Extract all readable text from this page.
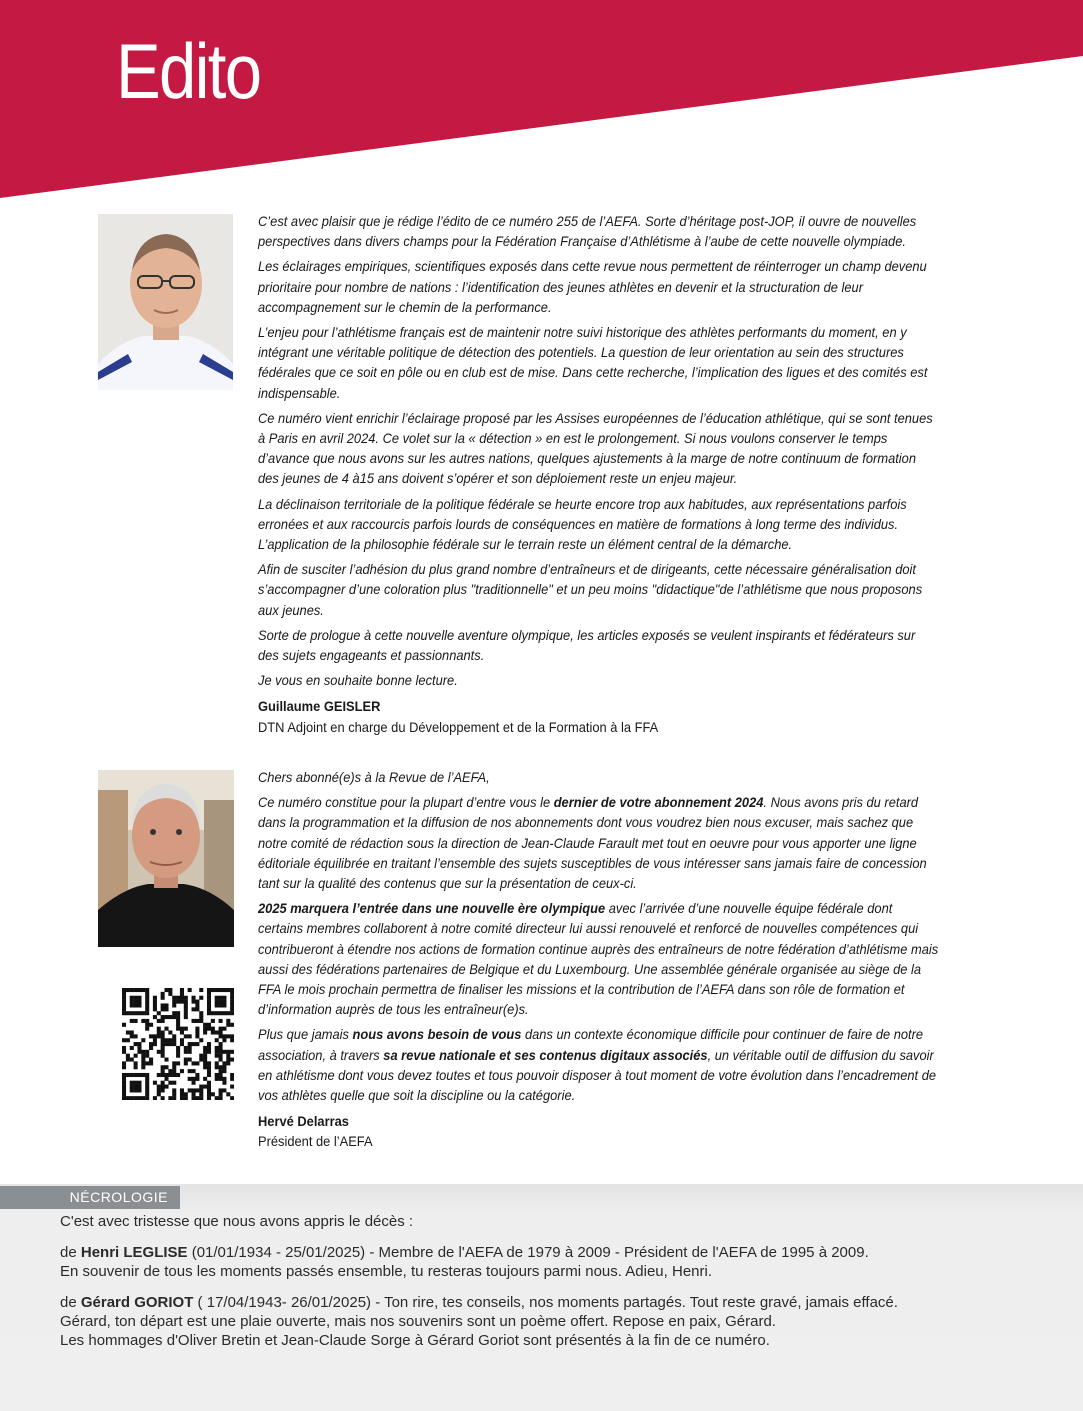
Edito

C’est avec plaisir que je rédige l’édito de ce numéro 255 de l’AEFA. Sorte d’héritage post-JOP, il ouvre de nouvelles perspectives dans divers champs pour la Fédération Française d’Athlétisme à l’aube de cette nouvelle olympiade.

Les éclairages empiriques, scientifiques exposés dans cette revue nous permettent de réinterroger un champ devenu prioritaire pour nombre de nations : l’identification des jeunes athlètes en devenir et la structuration de leur accompagnement sur le chemin de la performance.

L’enjeu pour l’athlétisme français est de maintenir notre suivi historique des athlètes performants du moment, en y intégrant une véritable politique de détection des potentiels. La question de leur orientation au sein des structures fédérales que ce soit en pôle ou en club est de mise. Dans cette recherche, l’implication des ligues et des comités est indispensable.

Ce numéro vient enrichir l’éclairage proposé par les Assises européennes de l’éducation athlétique, qui se sont tenues à Paris en avril 2024. Ce volet sur la « détection » en est le prolongement. Si nous voulons conserver le temps d’avance que nous avons sur les autres nations, quelques ajustements à la marge de notre continuum de formation des jeunes de 4 à15 ans doivent s’opérer et son déploiement reste un enjeu majeur.

La déclinaison territoriale de la politique fédérale se heurte encore trop aux habitudes, aux représentations parfois erronées et aux raccourcis parfois lourds de conséquences en matière de formations à long terme des individus. L’application de la philosophie fédérale sur le terrain reste un élément central de la démarche.

Afin de susciter l’adhésion du plus grand nombre d’entraîneurs et de dirigeants, cette nécessaire généralisation doit s’accompagner d’une coloration plus "traditionnelle" et un peu moins "didactique"de l’athlétisme que nous proposons aux jeunes.

Sorte de prologue à cette nouvelle aventure olympique, les articles exposés se veulent inspirants et fédérateurs sur des sujets engageants et passionnants.

Je vous en souhaite bonne lecture.

Guillaume GEISLER
DTN Adjoint en charge du Développement et de la Formation à la FFA

Chers abonné(e)s à la Revue de l’AEFA,

Ce numéro constitue pour la plupart d’entre vous le dernier de votre abonnement 2024. Nous avons pris du retard dans la programmation et la diffusion de nos abonnements dont vous voudrez bien nous excuser, mais sachez que notre comité de rédaction sous la direction de Jean-Claude Farault met tout en oeuvre pour vous apporter une ligne éditoriale équilibrée en traitant l’ensemble des sujets susceptibles de vous intéresser sans jamais faire de concession tant sur la qualité des contenus que sur la présentation de ceux-ci.

2025 marquera l’entrée dans une nouvelle ère olympique avec l’arrivée d’une nouvelle équipe fédérale dont certains membres collaborent à notre comité directeur lui aussi renouvelé et renforcé de nouvelles compétences qui contribueront à étendre nos actions de formation continue auprès des entraîneurs de notre fédération d’athlétisme mais aussi des fédérations partenaires de Belgique et du Luxembourg. Une assemblée générale organisée au siège de la FFA le mois prochain permettra de finaliser les missions et la contribution de l’AEFA dans son rôle de formation et d’information auprès de tous les entraîneur(e)s.

Plus que jamais nous avons besoin de vous dans un contexte économique difficile pour continuer de faire de notre association, à travers sa revue nationale et ses contenus digitaux associés, un véritable outil de diffusion du savoir en athlétisme dont vous devez toutes et tous pouvoir disposer à tout moment de votre évolution dans l’encadrement de vos athlètes quelle que soit la discipline ou la catégorie.

Hervé Delarras
Président de l’AEFA
NÉCROLOGIE

C'est avec tristesse que nous avons appris le décès :

de Henri LEGLISE (01/01/1934 - 25/01/2025) - Membre de l'AEFA de 1979 à 2009 - Président de l'AEFA de 1995 à 2009.
En souvenir de tous les moments passés ensemble, tu resteras toujours parmi nous. Adieu, Henri.

de Gérard GORIOT ( 17/04/1943- 26/01/2025) - Ton rire, tes conseils, nos moments partagés. Tout reste gravé, jamais effacé.
Gérard, ton départ est une plaie ouverte, mais nos souvenirs sont un poème offert. Repose en paix, Gérard.
Les hommages d'Oliver Bretin et Jean-Claude Sorge à Gérard Goriot sont présentés à la fin de ce numéro.
